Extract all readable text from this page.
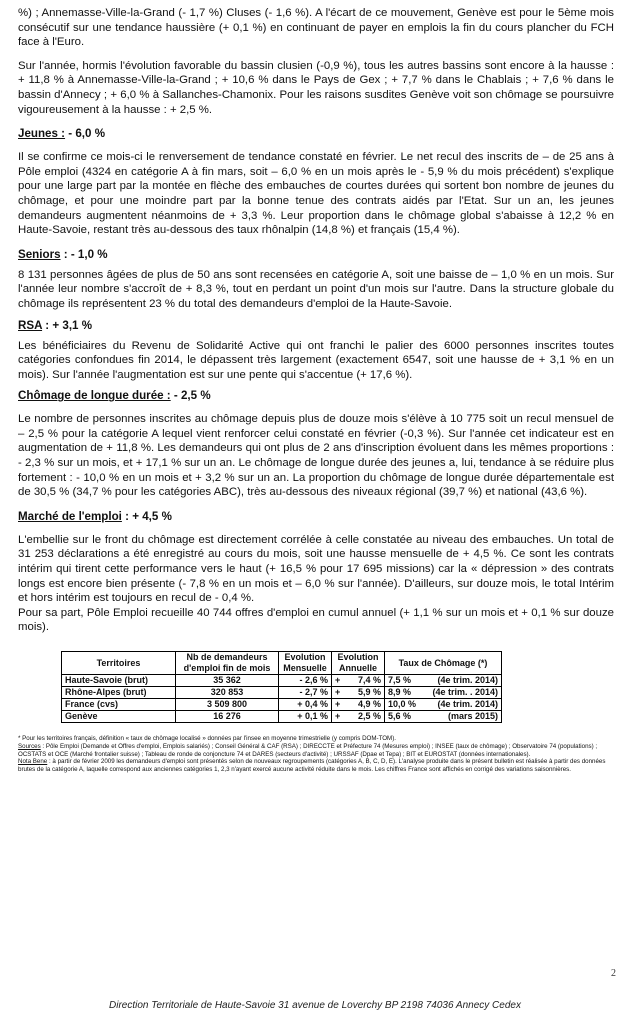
%) ; Annemasse-Ville-la-Grand (- 1,7 %) Cluses (- 1,6 %). A l'écart de ce mouvement, Genève est pour le 5ème mois consécutif sur une tendance haussière (+ 0,1 %) en continuant de payer en emplois la fin du cours plancher du FCH face à l'Euro.

Sur l'année, hormis l'évolution favorable du bassin clusien (-0,9 %), tous les autres bassins sont encore à la hausse : + 11,8 % à Annemasse-Ville-la-Grand ; + 10,6 % dans le Pays de Gex ; + 7,7 % dans le Chablais ; + 7,6 % dans le bassin d'Annecy ; + 6,0 % à Sallanches-Chamonix. Pour les raisons susdites Genève voit son chômage se poursuivre vigoureusement à la hausse : + 2,5 %.

Jeunes : - 6,0 %

Il se confirme ce mois-ci le renversement de tendance constaté en février. Le net recul des inscrits de – de 25 ans à Pôle emploi (4324 en catégorie A à fin mars, soit – 6,0 % en un mois après le - 5,9 % du mois précédent) s'explique pour une large part par la montée en flèche des embauches de courtes durées qui sortent bon nombre de jeunes du chômage, et pour une moindre part par la bonne tenue des contrats aidés par l'Etat. Sur un an, les jeunes demandeurs augmentent néanmoins de + 3,3 %. Leur proportion dans le chômage global s'abaisse à 12,2 % en Haute-Savoie, restant très au-dessous des taux rhônalpin (14,8 %) et français (15,4 %).

Seniors : - 1,0 %

8 131 personnes âgées de plus de 50 ans sont recensées en catégorie A, soit une baisse de – 1,0 % en un mois. Sur l'année leur nombre s'accroît de + 8,3 %, tout en perdant un point d'un mois sur l'autre. Dans la structure globale du chômage ils représentent 23 % du total des demandeurs d'emploi de la Haute-Savoie.

RSA : + 3,1 %

Les bénéficiaires du Revenu de Solidarité Active qui ont franchi le palier des 6000 personnes inscrites toutes catégories confondues fin 2014, le dépassent très largement (exactement 6547, soit une hausse de + 3,1 % en un mois). Sur l'année l'augmentation est sur une pente qui s'accentue (+ 17,6 %).

Chômage de longue durée : - 2,5 %

Le nombre de personnes inscrites au chômage depuis plus de douze mois s'élève à 10 775 soit un recul mensuel de – 2,5 % pour la catégorie A lequel vient renforcer celui constaté en février (-0,3 %). Sur l'année cet indicateur est en augmentation de + 11,8 %. Les demandeurs qui ont plus de 2 ans d'inscription évoluent dans les mêmes proportions : - 2,3 % sur un mois, et + 17,1 % sur un an. Le chômage de longue durée des jeunes a, lui, tendance à se réduire plus fortement : - 10,0 % en un mois et + 3,2 % sur un an. La proportion du chômage de longue durée départementale est de 30,5 % (34,7 % pour les catégories ABC), très au-dessous des niveaux régional (39,7 %) et national (43,6 %).

Marché de l'emploi : + 4,5 %

L'embellie sur le front du chômage est directement corrélée à celle constatée au niveau des embauches. Un total de 31 253 déclarations a été enregistré au cours du mois, soit une hausse mensuelle de + 4,5 %. Ce sont les contrats intérim qui tirent cette performance vers le haut (+ 16,5 % pour 17 695 missions) car la « dépression » des contrats longs est encore bien présente (- 7,8 % en un mois et – 6,0 % sur l'année). D'ailleurs, sur douze mois, le total Intérim et hors intérim est toujours en recul de - 0,4 %.

Pour sa part, Pôle Emploi recueille 40 744 offres d'emploi en cumul annuel (+ 1,1 % sur un mois et + 0,1 % sur douze mois).

Territoires	Nb de demandeurs d'emploi fin de mois	Evolution Mensuelle	Evolution Annuelle	Taux de Chômage (*)
Haute-Savoie (brut)	35 362	- 2,6 %	+ 7,4 %	7,5 % (4e trim. 2014)

Rhône-Alpes (brut)	320 853	- 2,7 %	+ 5,9 %	8,9 % (4e trim. . 2014)

France (cvs)	3 509 800	+ 0,4 %	+ 4,9 %	10,0 % (4e trim. 2014)

Genève	16 276	+ 0,1 %	+ 2,5 %	5,6 % (mars 2015)

* Pour les territoires français, définition « taux de chômage localisé » données par l'insee en moyenne trimestrielle (y compris DOM-TOM).

Sources : Pôle Emploi (Demande et Offres d'emploi, Emplois salariés) ; Conseil Général & CAF (RSA) ; DIRECCTE et Préfecture 74 (Mesures emploi) ; INSEE (taux de chômage) ; Observatoire 74 (populations) ; OCSTATS et OCE (Marché frontalier suisse) ; Tableau de ronde de conjoncture 74 et DARES (secteurs d'activité) ; URSSAF (Dpae et Tepa) ; BIT et EUROSTAT (données internationales).

Nota Bene : à partir de février 2009 les demandeurs d'emploi sont présentés selon de nouveaux regroupements (catégories A, B, C, D, E). L'analyse produite dans le présent bulletin est réalisée à partir des données brutes de la catégorie A, laquelle correspond aux anciennes catégories 1, 2,3 n'ayant exercé aucune activité réduite dans le mois. Les chiffres France sont affichés en corrigé des variations saisonnières.

2
Direction Territoriale de Haute-Savoie 31 avenue de Loverchy BP 2198 74036 Annecy Cedex
